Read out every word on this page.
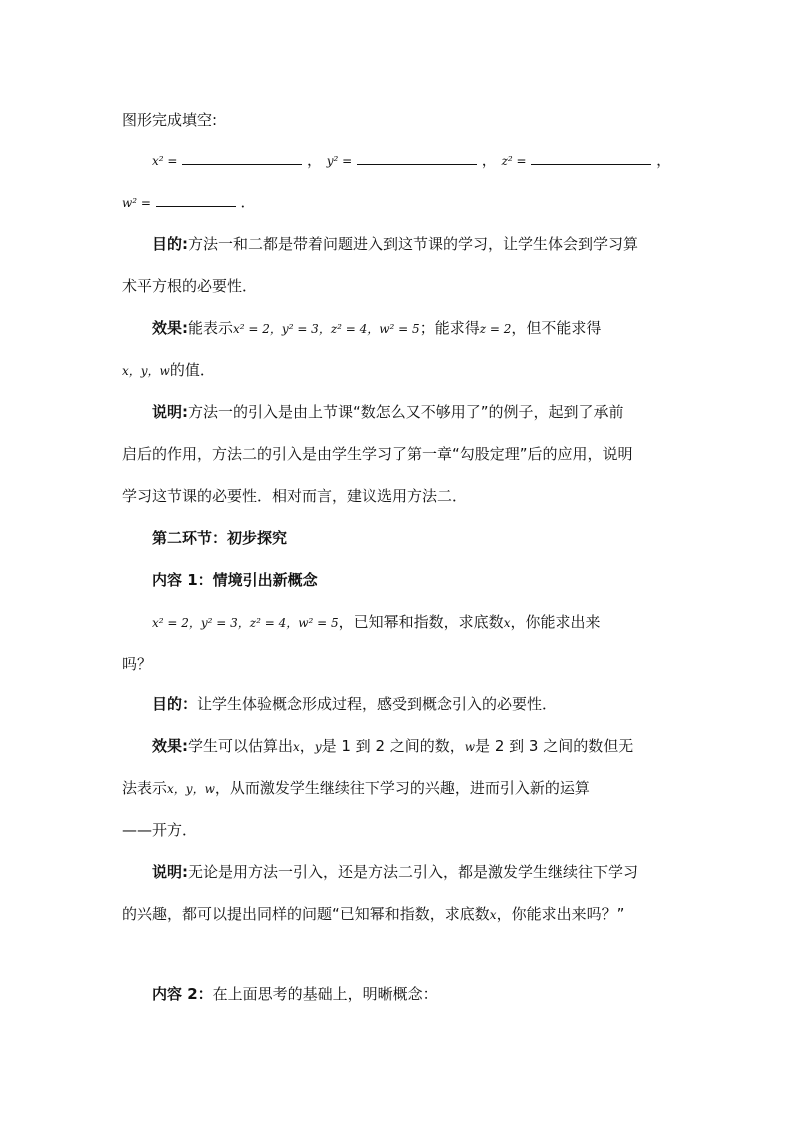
图形完成填空:
x² =	， y² =	， z² =	，
w² =	．
目的:方法一和二都是带着问题进入到这节课的学习，让学生体会到学习算
术平方根的必要性．
效果:能表示x² = 2，y² = 3，z² = 4，w² = 5；能求得z = 2，但不能求得
x，y，w的值．
说明:方法一的引入是由上节课“数怎么又不够用了”的例子，起到了承前
启后的作用，方法二的引入是由学生学习了第一章“勾股定理”后的应用，说明
学习这节课的必要性．相对而言，建议选用方法二．
第二环节：初步探究
内容 1：情境引出新概念
x² = 2，y² = 3，z² = 4，w² = 5，已知幂和指数，求底数x，你能求出来
吗？
目的：让学生体验概念形成过程，感受到概念引入的必要性．
效果:学生可以估算出x，y是 1 到 2 之间的数，w是 2 到 3 之间的数但无
法表示x，y，w，从而激发学生继续往下学习的兴趣，进而引入新的运算
——开方．
说明:无论是用方法一引入，还是方法二引入，都是激发学生继续往下学习
的兴趣，都可以提出同样的问题“已知幂和指数，求底数x，你能求出来吗？”
内容 2：在上面思考的基础上，明晰概念：
